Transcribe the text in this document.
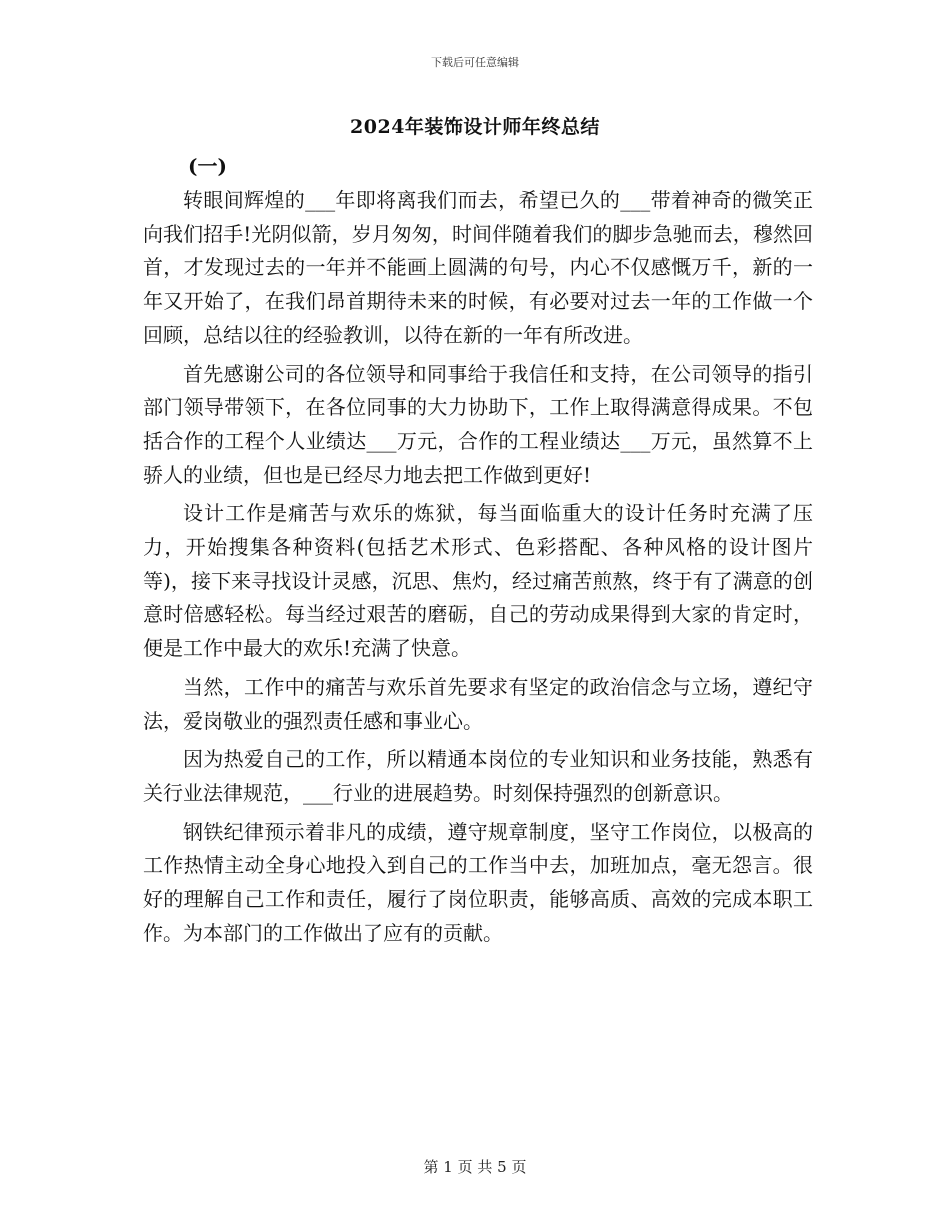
下载后可任意编辑
2024年装饰设计师年终总结
(一)

转眼间辉煌的___年即将离我们而去，希望已久的___带着神奇的微笑正向我们招手!光阴似箭，岁月匆匆，时间伴随着我们的脚步急驰而去，穆然回首，才发现过去的一年并不能画上圆满的句号，内心不仅感慨万千，新的一年又开始了，在我们昂首期待未来的时候，有必要对过去一年的工作做一个回顾，总结以往的经验教训，以待在新的一年有所改进。

首先感谢公司的各位领导和同事给于我信任和支持，在公司领导的指引部门领导带领下，在各位同事的大力协助下，工作上取得满意得成果。不包括合作的工程个人业绩达___万元，合作的工程业绩达___万元，虽然算不上骄人的业绩，但也是已经尽力地去把工作做到更好!

设计工作是痛苦与欢乐的炼狱，每当面临重大的设计任务时充满了压力，开始搜集各种资料(包括艺术形式、色彩搭配、各种风格的设计图片等)，接下来寻找设计灵感，沉思、焦灼，经过痛苦煎熬，终于有了满意的创意时倍感轻松。每当经过艰苦的磨砺，自己的劳动成果得到大家的肯定时，便是工作中最大的欢乐!充满了快意。

当然，工作中的痛苦与欢乐首先要求有坚定的政治信念与立场，遵纪守法，爱岗敬业的强烈责任感和事业心。

因为热爱自己的工作，所以精通本岗位的专业知识和业务技能，熟悉有关行业法律规范，___行业的进展趋势。时刻保持强烈的创新意识。

钢铁纪律预示着非凡的成绩，遵守规章制度，坚守工作岗位，以极高的工作热情主动全身心地投入到自己的工作当中去，加班加点，毫无怨言。很好的理解自己工作和责任，履行了岗位职责，能够高质、高效的完成本职工作。为本部门的工作做出了应有的贡献。

第 1 页 共 5 页
